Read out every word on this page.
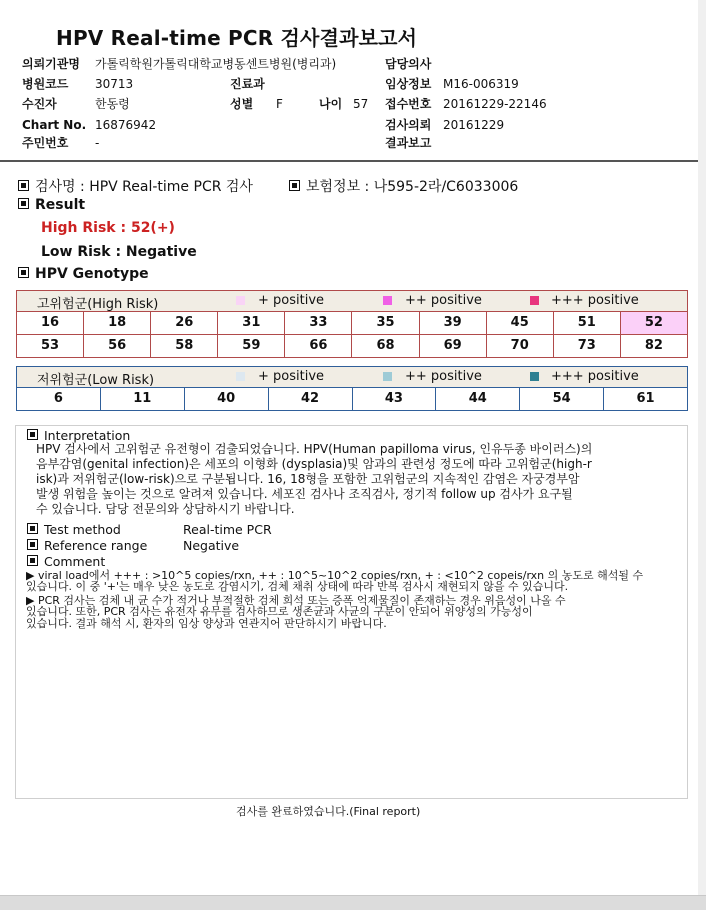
HPV Real-time PCR 검사결과보고서
의뢰기관명 가톨릭학원가톨릭대학교병동센트병원(병리과)	담당의사
병원코드 30713	진료과	임상정보 M16-006319
수진자	한동령	성별 F	나이 57 접수번호 20161229-22146
Chart No. 16876942	검사의뢰 20161229
주민번호 -	결과보고
검사명 : HPV Real-time PCR 검사	보험정보 : 나595-2라/C6033006
Result
High Risk : 52(+)
Low Risk : Negative
HPV Genotype
고위험군(High Risk)	+ positive	++ positive	+++ positive
16	18	26	31	33	35	39	45	51	52
53	56	58	59	66	68	69	70	73	82
저위험군(Low Risk)	+ positive	++ positive	+++ positive
6	11	40	42	43	44	54	61
Interpretation
HPV 검사에서 고위험군 유전형이 검출되었습니다. HPV(Human papilloma virus, 인유두종 바이러스)의
음부감염(genital infection)은 세포의 이형화 (dysplasia)및 암과의 관련성 정도에 따라 고위험군(high-r
isk)과 저위험군(low-risk)으로 구분됩니다. 16, 18형을 포함한 고위험군의 지속적인 감염은 자궁경부암
발생 위험을 높이는 것으로 알려져 있습니다. 세포진 검사나 조직검사, 정기적 follow up 검사가 요구될
수 있습니다. 담당 전문의와 상담하시기 바랍니다.
Test method	Real-time PCR
Reference range	Negative
Comment
▶ viral load에서 +++ : >10^5 copies/rxn, ++ : 10^5~10^2 copies/rxn, + : <10^2 copeis/rxn 의 농도로 해석될 수
있습니다. 이 중 '+'는 매우 낮은 농도로 감염시기, 검체 채취 상태에 따라 반복 검사시 재현되지 않을 수 있습니다.
▶ PCR 검사는 검체 내 균 수가 적거나 부적절한 검체 희석 또는 증폭 억제물질이 존재하는 경우 위음성이 나올 수
있습니다. 또한, PCR 검사는 유전자 유무를 검사하므로 생존균과 사균의 구분이 안되어 위양성의 가능성이
있습니다. 결과 해석 시, 환자의 임상 양상과 연관지어 판단하시기 바랍니다.
검사를 완료하였습니다.(Final report)
